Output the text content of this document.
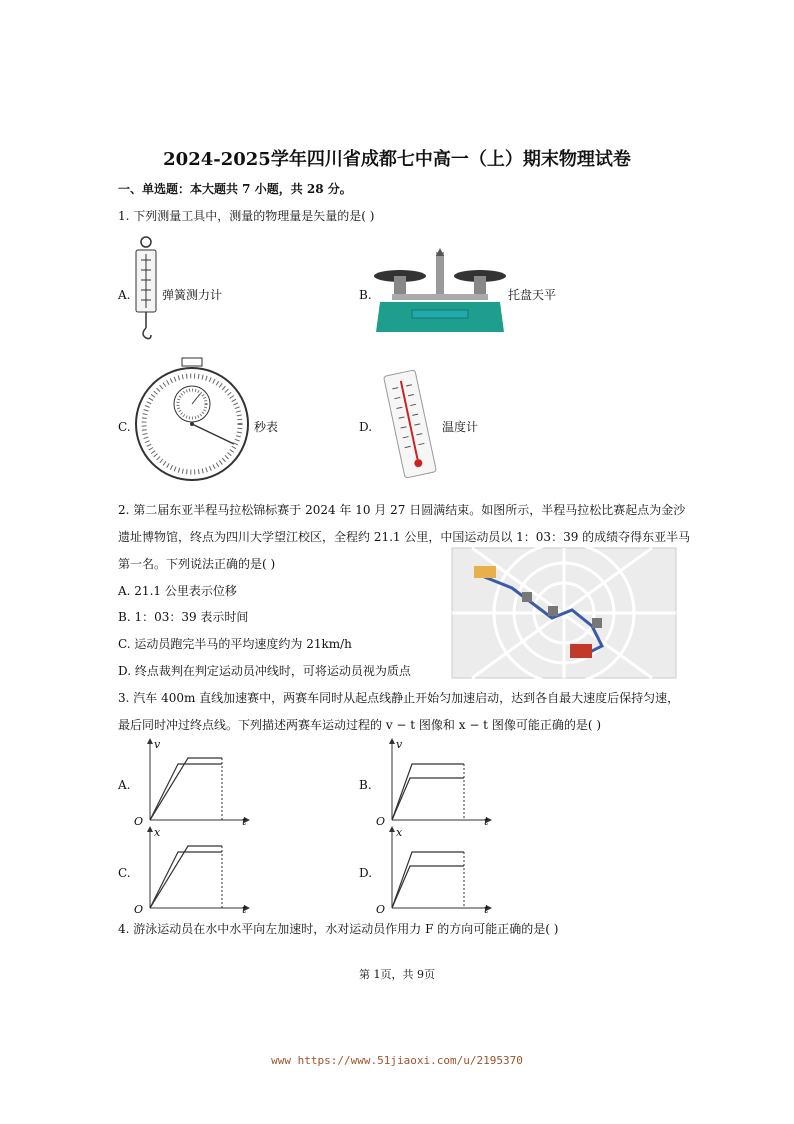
2024-2025学年四川省成都七中高一（上）期末物理试卷
一、单选题：本大题共 7 小题，共 28 分。
1. 下列测量工具中，测量的物理量是矢量的是( )
A.	弹簧测力计	B.	托盘天平
C.	秒表	D.	温度计
2. 第二届东亚半程马拉松锦标赛于 2024 年 10 月 27 日圆满结束。如图所示，半程马拉松比赛起点为金沙
遗址博物馆，终点为四川大学望江校区，全程约 21.1 公里，中国运动员以 1：03：39 的成绩夺得东亚半马
第一名。下列说法正确的是( )
A. 21.1 公里表示位移
B. 1：03：39 表示时间
C. 运动员跑完半马的平均速度约为 21km/h
D. 终点裁判在判定运动员冲线时，可将运动员视为质点
3. 汽车 400m 直线加速赛中，两赛车同时从起点线静止开始匀加速启动，达到各自最大速度后保持匀速，
最后同时冲过终点线。下列描述两赛车运动过程的 v − t 图像和 x − t 图像可能正确的是( )
A.
v
t
O
B.
v
t
O
C.
x
t
O
D.
x
t
O
4. 游泳运动员在水中水平向左加速时，水对运动员作用力 F 的方向可能正确的是( )
第 1页，共 9页
www https://www.51jiaoxi.com/u/2195370
